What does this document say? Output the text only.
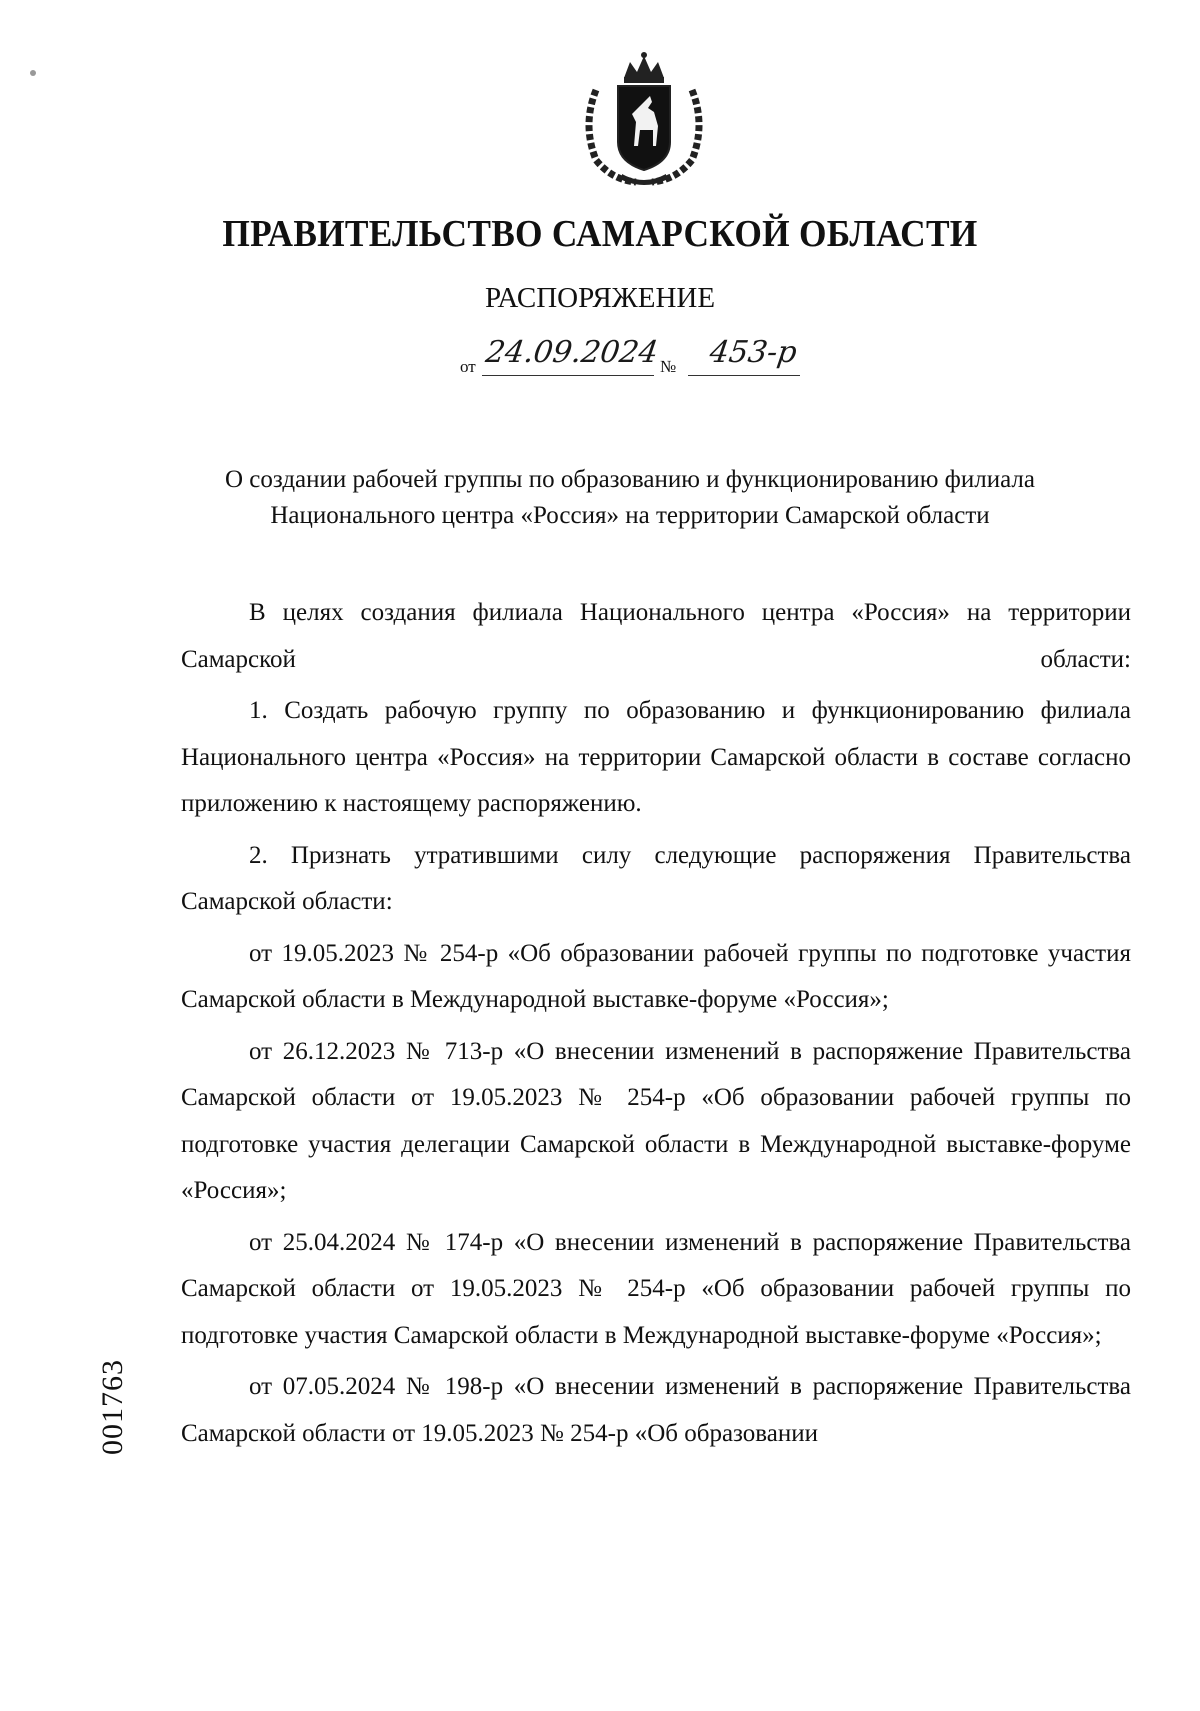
ПРАВИТЕЛЬСТВО САМАРСКОЙ ОБЛАСТИ
РАСПОРЯЖЕНИЕ
от 24.09.2024 № 453-р
О создании рабочей группы по образованию и функционированию филиала
Национального центра «Россия» на территории Самарской области

В целях создания филиала Национального центра «Россия» на территории Самарской области:

1. Создать рабочую группу по образованию и функционированию филиала Национального центра «Россия» на территории Самарской области в составе согласно приложению к настоящему распоряжению.

2. Признать утратившими силу следующие распоряжения Правительства Самарской области:

от 19.05.2023 № 254-р «Об образовании рабочей группы по подготовке участия Самарской области в Международной выставке-форуме «Россия»;

от 26.12.2023 № 713-р «О внесении изменений в распоряжение Правительства Самарской области от 19.05.2023 № 254-р «Об образовании рабочей группы по подготовке участия делегации Самарской области в Международной выставке-форуме «Россия»;

от 25.04.2024 № 174-р «О внесении изменений в распоряжение Правительства Самарской области от 19.05.2023 № 254-р «Об образовании рабочей группы по подготовке участия Самарской области в Международной выставке-форуме «Россия»;

от 07.05.2024 № 198-р «О внесении изменений в распоряжение Правительства Самарской области от 19.05.2023 № 254-р «Об образовании

001763
